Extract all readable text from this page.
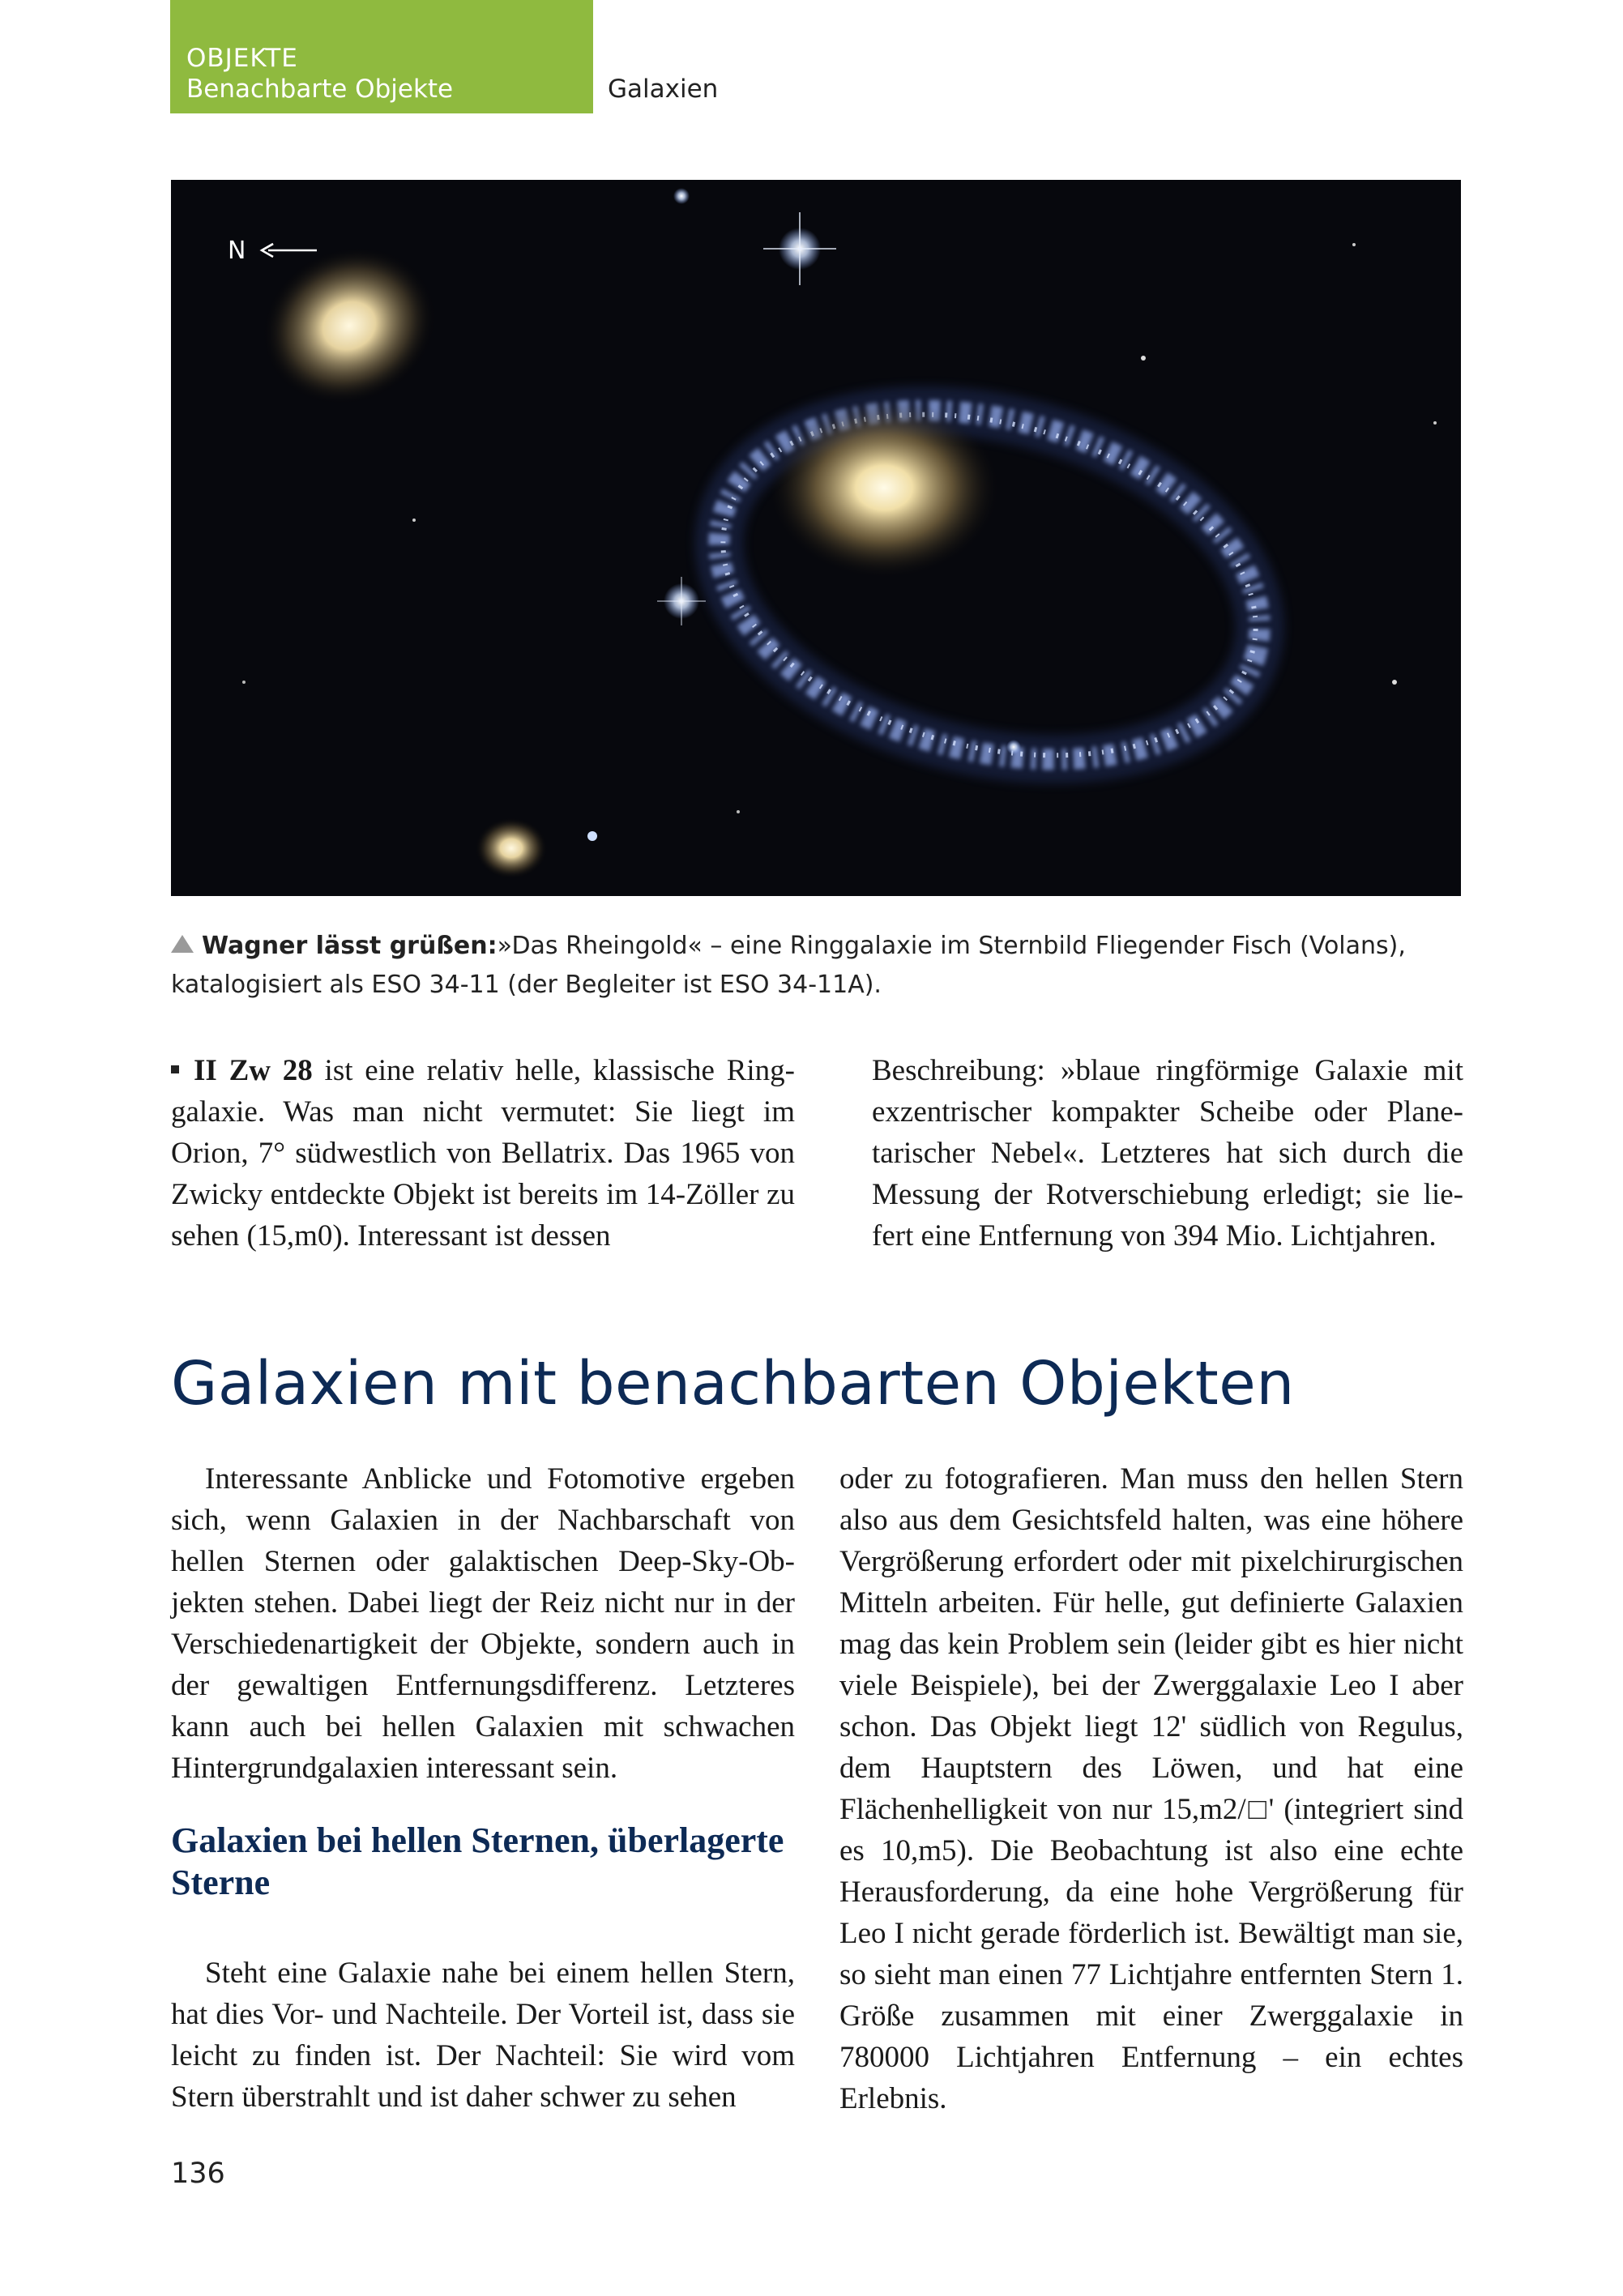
OBJEKTE
Benachbarte Objekte	Galaxien
N
Wagner lässt grüßen:»Das Rheingold« – eine Ringgalaxie im Sternbild Fliegender Fisch (Volans), katalogisiert als ESO 34-11 (der Begleiter ist ESO 34-11A).

II Zw 28 ist eine relativ helle, klassische Ringgalaxie. Was man nicht vermutet: Sie liegt im Orion, 7° südwestlich von Bellatrix. Das 1965 von Zwicky entdeckte Objekt ist bereits im 14-Zöller zu sehen (15,m0). Interessant ist dessen

Beschreibung: »blaue ringförmige Galaxie mit exzentrischer kompakter Scheibe oder Planetarischer Nebel«. Letzteres hat sich durch die Messung der Rotverschiebung erledigt; sie liefert eine Entfernung von 394 Mio. Lichtjahren.

Galaxien mit benachbarten Objekten

Interessante Anblicke und Fotomotive ergeben sich, wenn Galaxien in der Nachbarschaft von hellen Sternen oder galaktischen Deep-Sky-Objekten stehen. Dabei liegt der Reiz nicht nur in der Verschiedenartigkeit der Objekte, sondern auch in der gewaltigen Entfernungsdifferenz. Letzteres kann auch bei hellen Galaxien mit schwachen Hintergrundgalaxien interessant sein.

Galaxien bei hellen Sternen, überlagerte Sterne

Steht eine Galaxie nahe bei einem hellen Stern, hat dies Vor- und Nachteile. Der Vorteil ist, dass sie leicht zu finden ist. Der Nachteil: Sie wird vom Stern überstrahlt und ist daher schwer zu sehen

oder zu fotografieren. Man muss den hellen Stern also aus dem Gesichtsfeld halten, was eine höhere Vergrößerung erfordert oder mit pixelchirurgischen Mitteln arbeiten. Für helle, gut definierte Galaxien mag das kein Problem sein (leider gibt es hier nicht viele Beispiele), bei der Zwerggalaxie Leo I aber schon. Das Objekt liegt 12' südlich von Regulus, dem Hauptstern des Löwen, und hat eine Flächenhelligkeit von nur 15,m2/□' (integriert sind es 10,m5). Die Beobachtung ist also eine echte Herausforderung, da eine hohe Vergrößerung für Leo I nicht gerade förderlich ist. Bewältigt man sie, so sieht man einen 77 Lichtjahre entfernten Stern 1. Größe zusammen mit einer Zwerggalaxie in 780000 Lichtjahren Entfernung – ein echtes Erlebnis.

136
